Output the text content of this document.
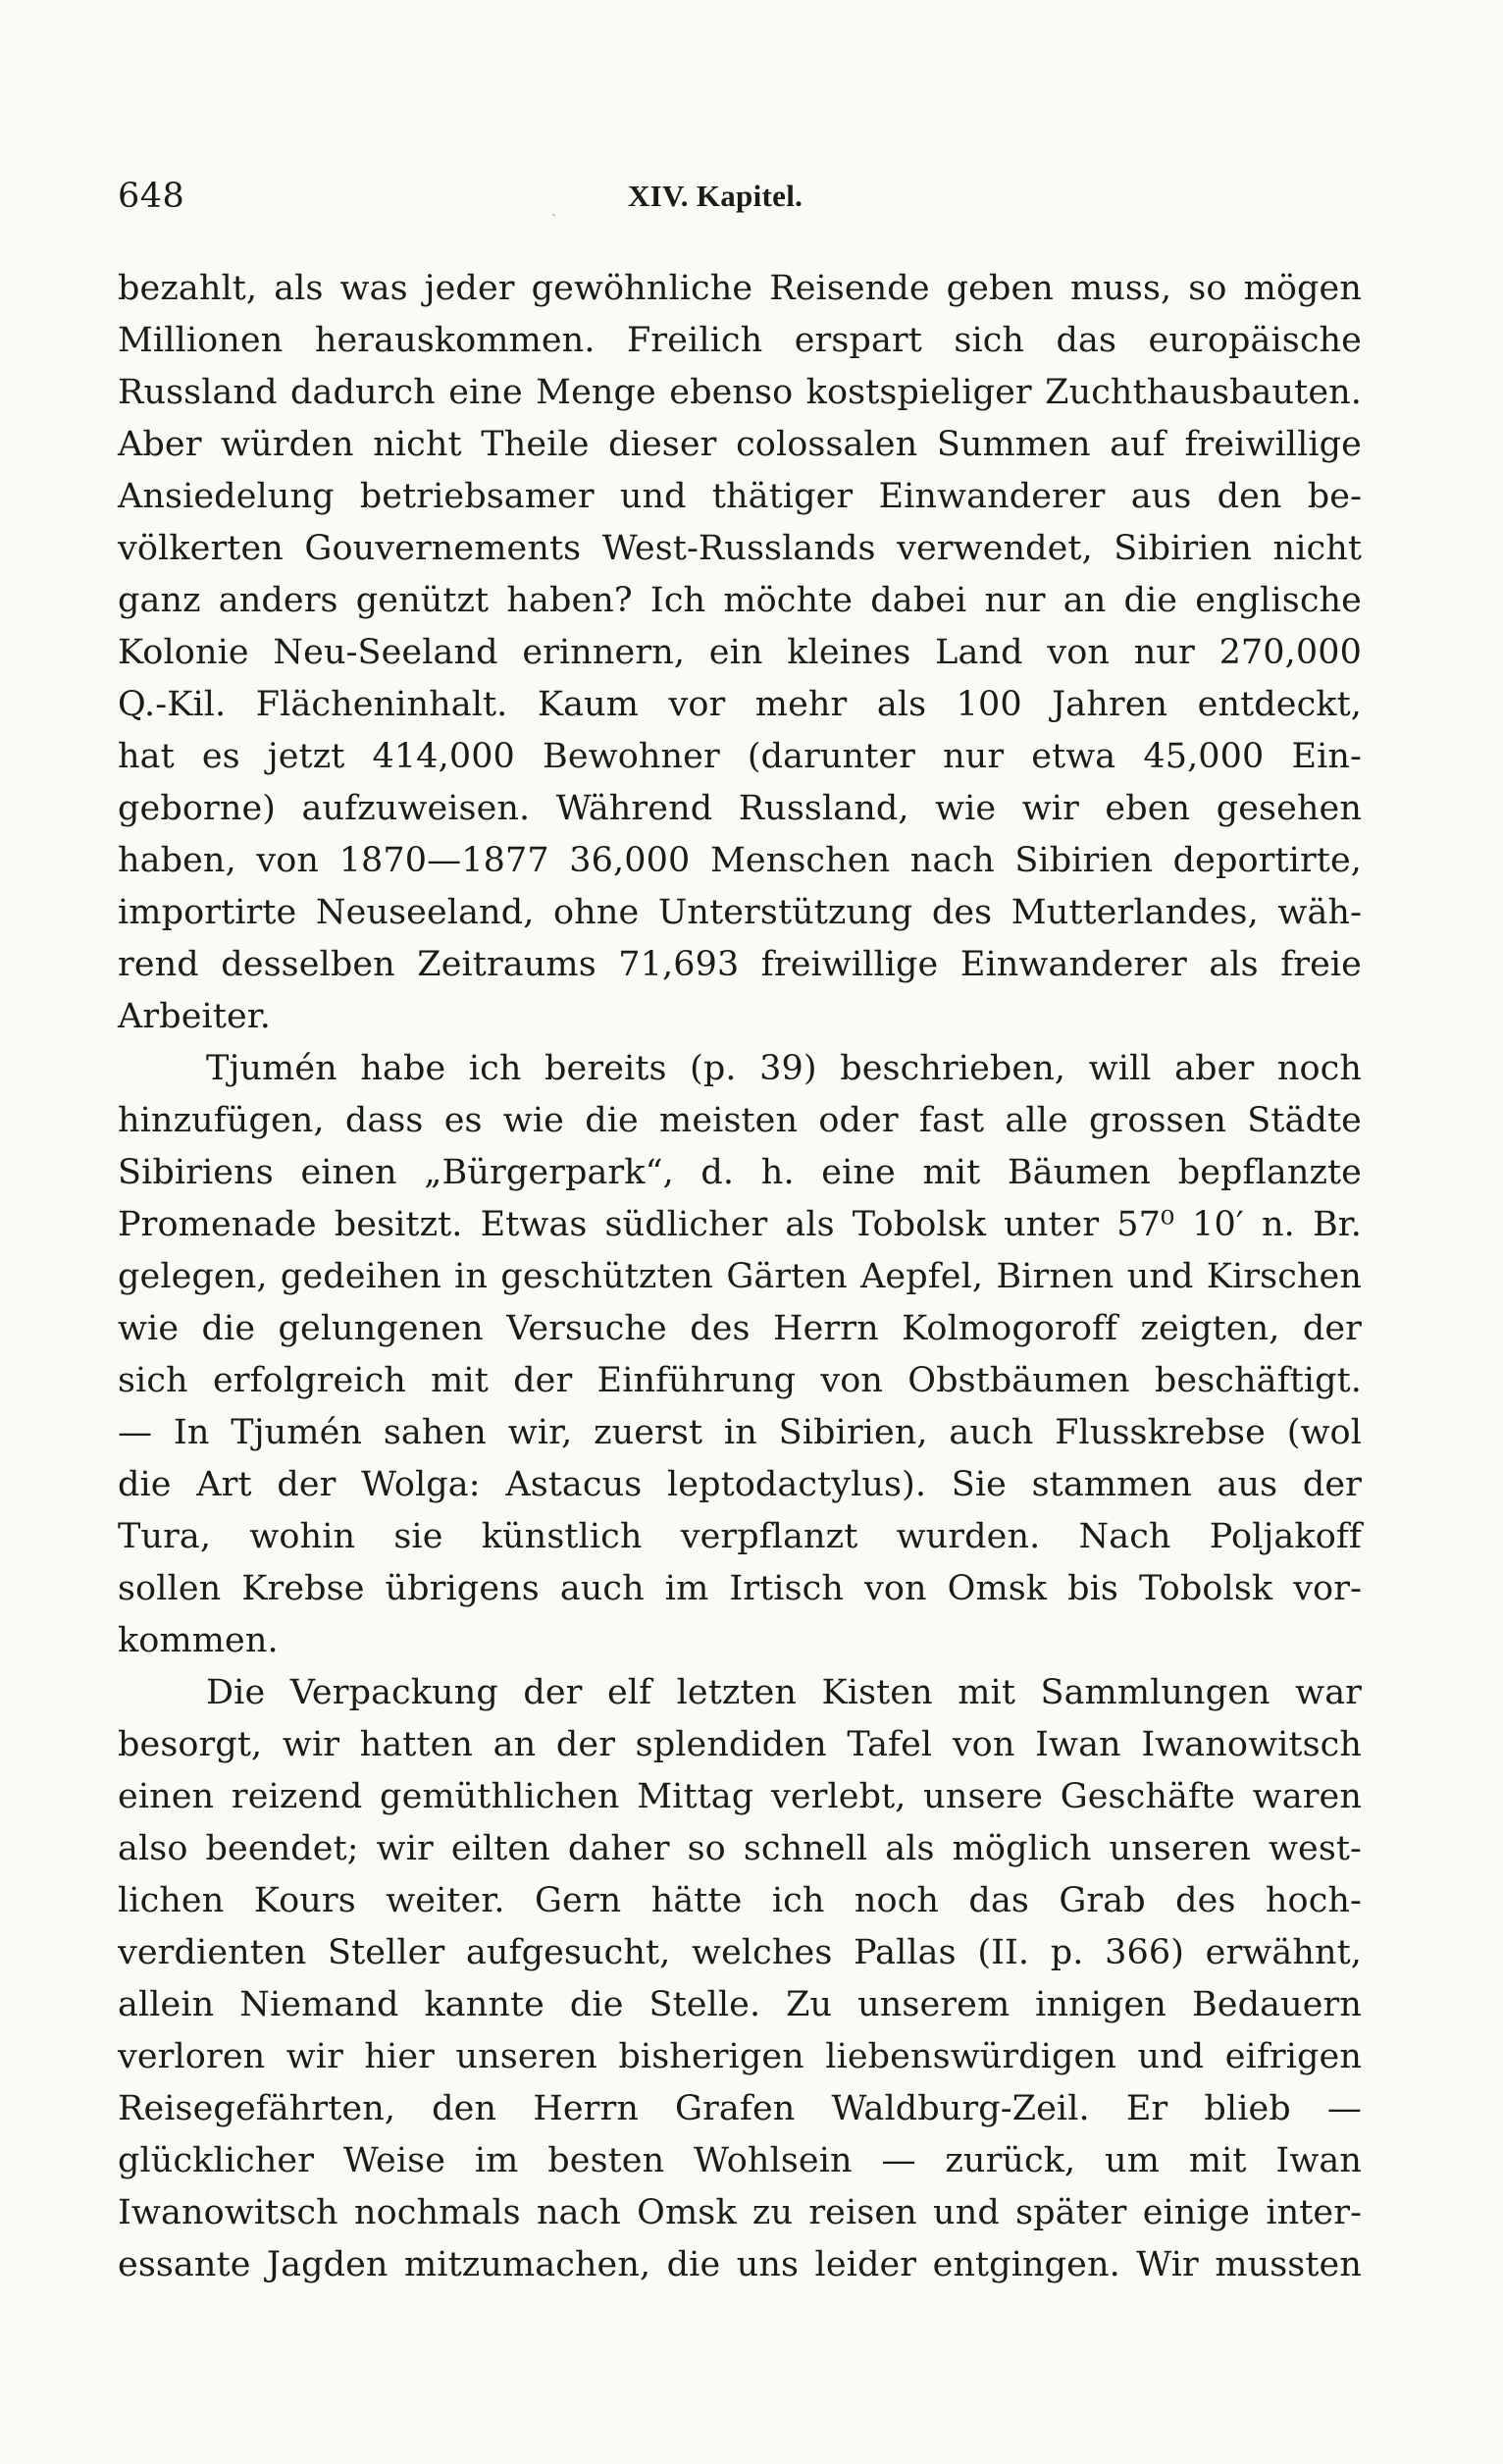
648	ˏ XIV. Kapitel.
bezahlt, als was jeder gewöhnliche Reisende geben muss, so mögen
Millionen herauskommen. Freilich erspart sich das europäische
Russland dadurch eine Menge ebenso kostspieliger Zuchthausbauten.
Aber würden nicht Theile dieser colossalen Summen auf freiwillige
Ansiedelung betriebsamer und thätiger Einwanderer aus den be-
völkerten Gouvernements West-Russlands verwendet, Sibirien nicht
ganz anders genützt haben? Ich möchte dabei nur an die englische
Kolonie Neu-Seeland erinnern, ein kleines Land von nur 270,000
Q.-Kil. Flächeninhalt. Kaum vor mehr als 100 Jahren entdeckt,
hat es jetzt 414,000 Bewohner (darunter nur etwa 45,000 Ein-
geborne) aufzuweisen. Während Russland, wie wir eben gesehen
haben, von 1870—1877 36,000 Menschen nach Sibirien deportirte,
importirte Neuseeland, ohne Unterstützung des Mutterlandes, wäh-
rend desselben Zeitraums 71,693 freiwillige Einwanderer als freie
Arbeiter.
Tjumén habe ich bereits (p. 39) beschrieben, will aber noch
hinzufügen, dass es wie die meisten oder fast alle grossen Städte
Sibiriens einen „Bürgerpark“, d. h. eine mit Bäumen bepflanzte
Promenade besitzt. Etwas südlicher als Tobolsk unter 57⁰ 10′ n. Br.
gelegen, gedeihen in geschützten Gärten Aepfel, Birnen und Kirschen
wie die gelungenen Versuche des Herrn Kolmogoroff zeigten, der
sich erfolgreich mit der Einführung von Obstbäumen beschäftigt.
— In Tjumén sahen wir, zuerst in Sibirien, auch Flusskrebse (wol
die Art der Wolga: Astacus leptodactylus). Sie stammen aus der
Tura, wohin sie künstlich verpflanzt wurden. Nach Poljakoff
sollen Krebse übrigens auch im Irtisch von Omsk bis Tobolsk vor-
kommen.
Die Verpackung der elf letzten Kisten mit Sammlungen war
besorgt, wir hatten an der splendiden Tafel von Iwan Iwanowitsch
einen reizend gemüthlichen Mittag verlebt, unsere Geschäfte waren
also beendet; wir eilten daher so schnell als möglich unseren west-
lichen Kours weiter. Gern hätte ich noch das Grab des hoch-
verdienten Steller aufgesucht, welches Pallas (II. p. 366) erwähnt,
allein Niemand kannte die Stelle. Zu unserem innigen Bedauern
verloren wir hier unseren bisherigen liebenswürdigen und eifrigen
Reisegefährten, den Herrn Grafen Waldburg-Zeil. Er blieb —
glücklicher Weise im besten Wohlsein — zurück, um mit Iwan
Iwanowitsch nochmals nach Omsk zu reisen und später einige inter-
essante Jagden mitzumachen, die uns leider entgingen. Wir mussten
